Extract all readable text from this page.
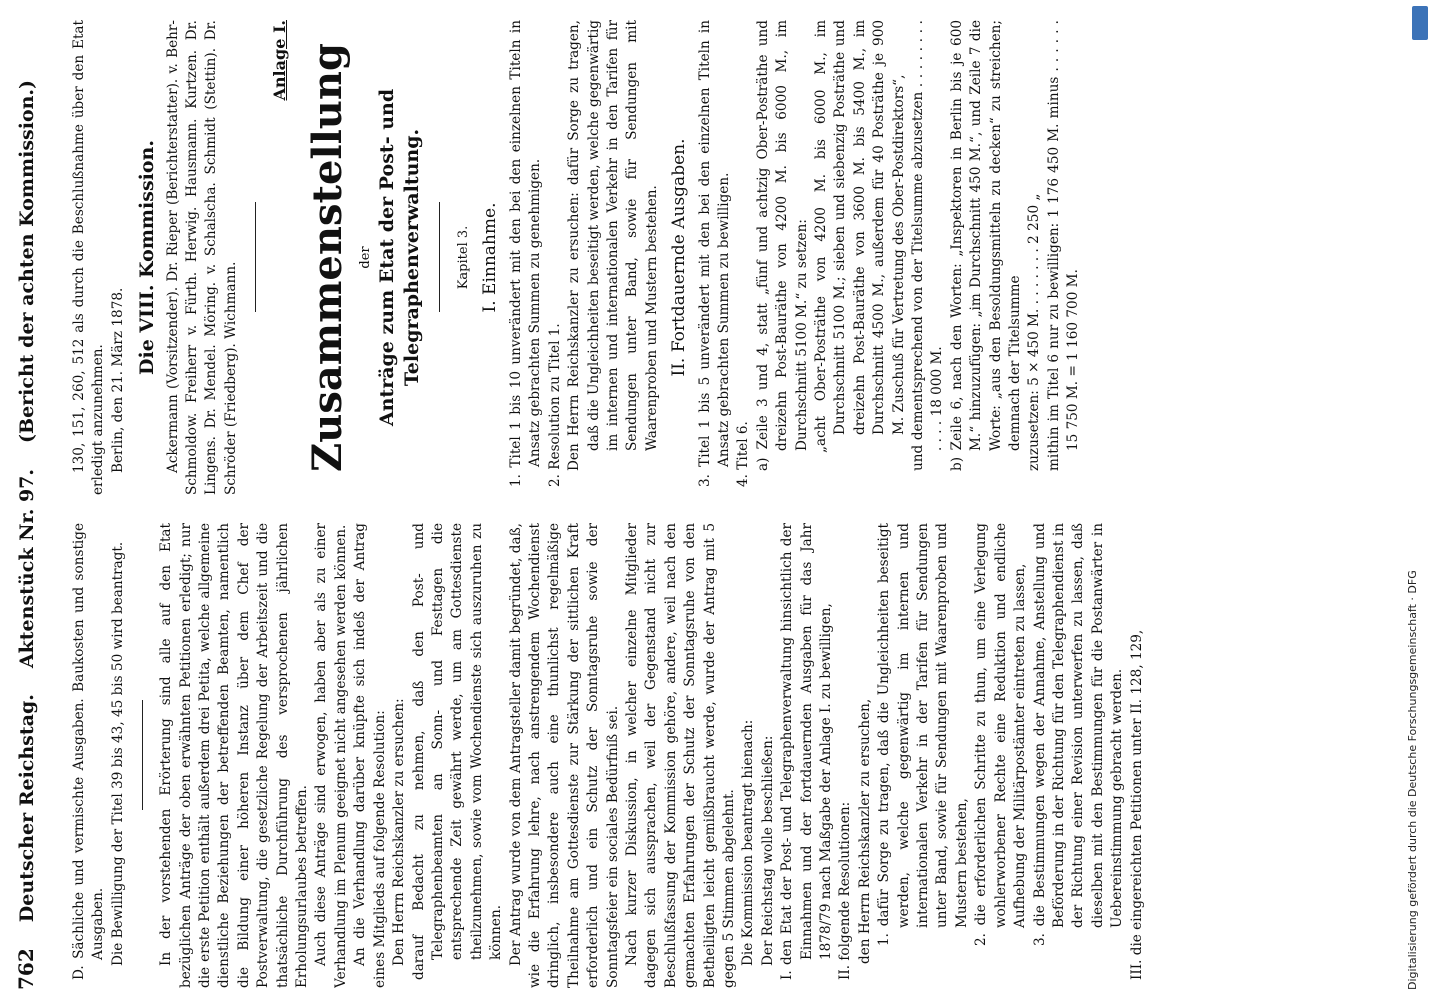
762
Deutscher Reichstag.
Aktenstück Nr. 97.
(Bericht der achten Kommission.)

D. Sächliche und vermischte Ausgaben. Baukosten und sonstige Ausgaben. Die Bewilligung der Titel 39 bis 43, 45 bis 50 wird beantragt. In der vorstehenden Erörterung sind alle auf den Etat bezüglichen Anträge der oben erwähnten Petitionen erledigt; nur die erste Petition enthält außerdem drei Petita, welche allgemeine dienstliche Beziehungen der betreffenden Beamten, namentlich die Bildung einer höheren Instanz über dem Chef der Postverwaltung, die gesetzliche Regelung der Arbeitszeit und die thatsächliche Durchführung des versprochenen jährlichen Erholungsurlaubes betreffen. Auch diese Anträge sind erwogen, haben aber als zu einer Verhandlung im Plenum geeignet nicht angesehen werden können. An die Verhandlung darüber knüpfte sich indeß der Antrag eines Mitglieds auf folgende Resolution: Den Herrn Reichskanzler zu ersuchen: darauf Bedacht zu nehmen, daß den Post- und Telegraphenbeamten an Sonn- und Festtagen die entsprechende Zeit gewährt werde, um am Gottesdienste theilzunehmen, sowie vom Wochendienste sich auszuruhen zu können. Der Antrag wurde von dem Antragsteller damit begründet, daß, wie die Erfahrung lehre, nach anstrengendem Wochendienst dringlich, insbesondere auch eine thunlichst regelmäßige Theilnahme am Gottesdienste zur Stärkung der sittlichen Kraft erforderlich und ein Schutz der Sonntagsruhe sowie der Sonntagsfeier ein sociales Bedürfniß sei. Nach kurzer Diskussion, in welcher einzelne Mitglieder dagegen sich aussprachen, weil der Gegenstand nicht zur Beschlußfassung der Kommission gehöre, andere, weil nach den gemachten Erfahrungen der Schutz der Sonntagsruhe von den Betheiligten leicht gemißbraucht werde, wurde der Antrag mit 5 gegen 5 Stimmen abgelehnt. Die Kommission beantragt hienach: Der Reichstag wolle beschließen: I. den Etat der Post- und Telegraphenverwaltung hinsichtlich der Einnahmen und der fortdauernden Ausgaben für das Jahr 1878/79 nach Maßgabe der Anlage I. zu bewilligen, II. folgende Resolutionen: den Herrn Reichskanzler zu ersuchen, 1. dafür Sorge zu tragen, daß die Ungleichheiten beseitigt werden, welche gegenwärtig im internen und internationalen Verkehr in der Tarifen für Sendungen unter Band, sowie für Sendungen mit Waarenproben und Mustern bestehen, 2. die erforderlichen Schritte zu thun, um eine Verlegung wohlerworbener Rechte eine Reduktion und endliche Aufhebung der Militärpostämter eintreten zu lassen, 3. die Bestimmungen wegen der Annahme, Anstellung und Beförderung in der Richtung für den Telegraphendienst in der Richtung einer Revision unterwerfen zu lassen, daß dieselben mit den Bestimmungen für die Postanwärter in Uebereinstimmung gebracht werden. III. die eingereichten Petitionen unter II. 128, 129,

130, 151, 260, 512 als durch die Beschlußnahme über den Etat erledigt anzunehmen. Berlin, den 21. März 1878.

Die VIII. Kommission. Ackermann (Vorsitzender). Dr. Rieper (Berichterstatter). v. Behr-Schmoldow. Freiherr v. Fürth. Herwig. Hausmann. Kurtzen. Dr. Lingens. Dr. Mendel. Möring. v. Schalscha. Schmidt (Stettin). Dr. Schröder (Friedberg). Wichmann.

Anlage I. Zusammenstellung der Anträge zum Etat der Post- und Telegraphenverwaltung.	Kapitel 3. I. Einnahme. 1. Titel 1 bis 10 unverändert mit den bei den einzelnen Titeln in Ansatz gebrachten Summen zu genehmigen. 2. Resolution zu Titel 1. Den Herrn Reichskanzler zu ersuchen: dafür Sorge zu tragen, daß die Ungleichheiten beseitigt werden, welche gegenwärtig im internen und internationalen Verkehr in den Tarifen für Sendungen unter Band, sowie für Sendungen mit Waarenproben und Mustern bestehen. II. Fortdauernde Ausgaben. 3. Titel 1 bis 5 unverändert mit den bei den einzelnen Titeln in Ansatz gebrachten Summen zu bewilligen. 4. Titel 6. a) Zeile 3 und 4, statt „fünf und achtzig Ober-Posträthe und dreizehn Post-Bauräthe von 4200 M. bis 6000 M., im Durchschnitt 5100 M.“ zu setzen: „acht Ober-Posträthe von 4200 M. bis 6000 M., im Durchschnitt 5100 M.; sieben und siebenzig Posträthe und dreizehn Post-Bauräthe von 3600 M. bis 5400 M., im Durchschnitt 4500 M., außerdem für 40 Posträthe je 900 M. Zuschuß für Vertretung des Ober-Postdirektors“, und dementsprechend von der Titelsumme abzusetzen . . . . . . . . . . . . 18 000 M. b) Zeile 6, nach den Worten: „Inspektoren in Berlin bis je 600 M.“ hinzuzufügen: „im Durchschnitt 450 M.“, und Zeile 7 die Worte: „aus den Besoldungsmitteln zu decken“ zu streichen; demnach der Titelsumme zuzusetzen: 5 × 450 M. . . . . . . . 2 250 „ mithin im Titel 6 nur zu bewilligen: 1 176 450 M. minus . . . . . . 15 750 M. = 1 160 700 M.

Digitalisierung gefördert durch die Deutsche Forschungsgemeinschaft · DFG
